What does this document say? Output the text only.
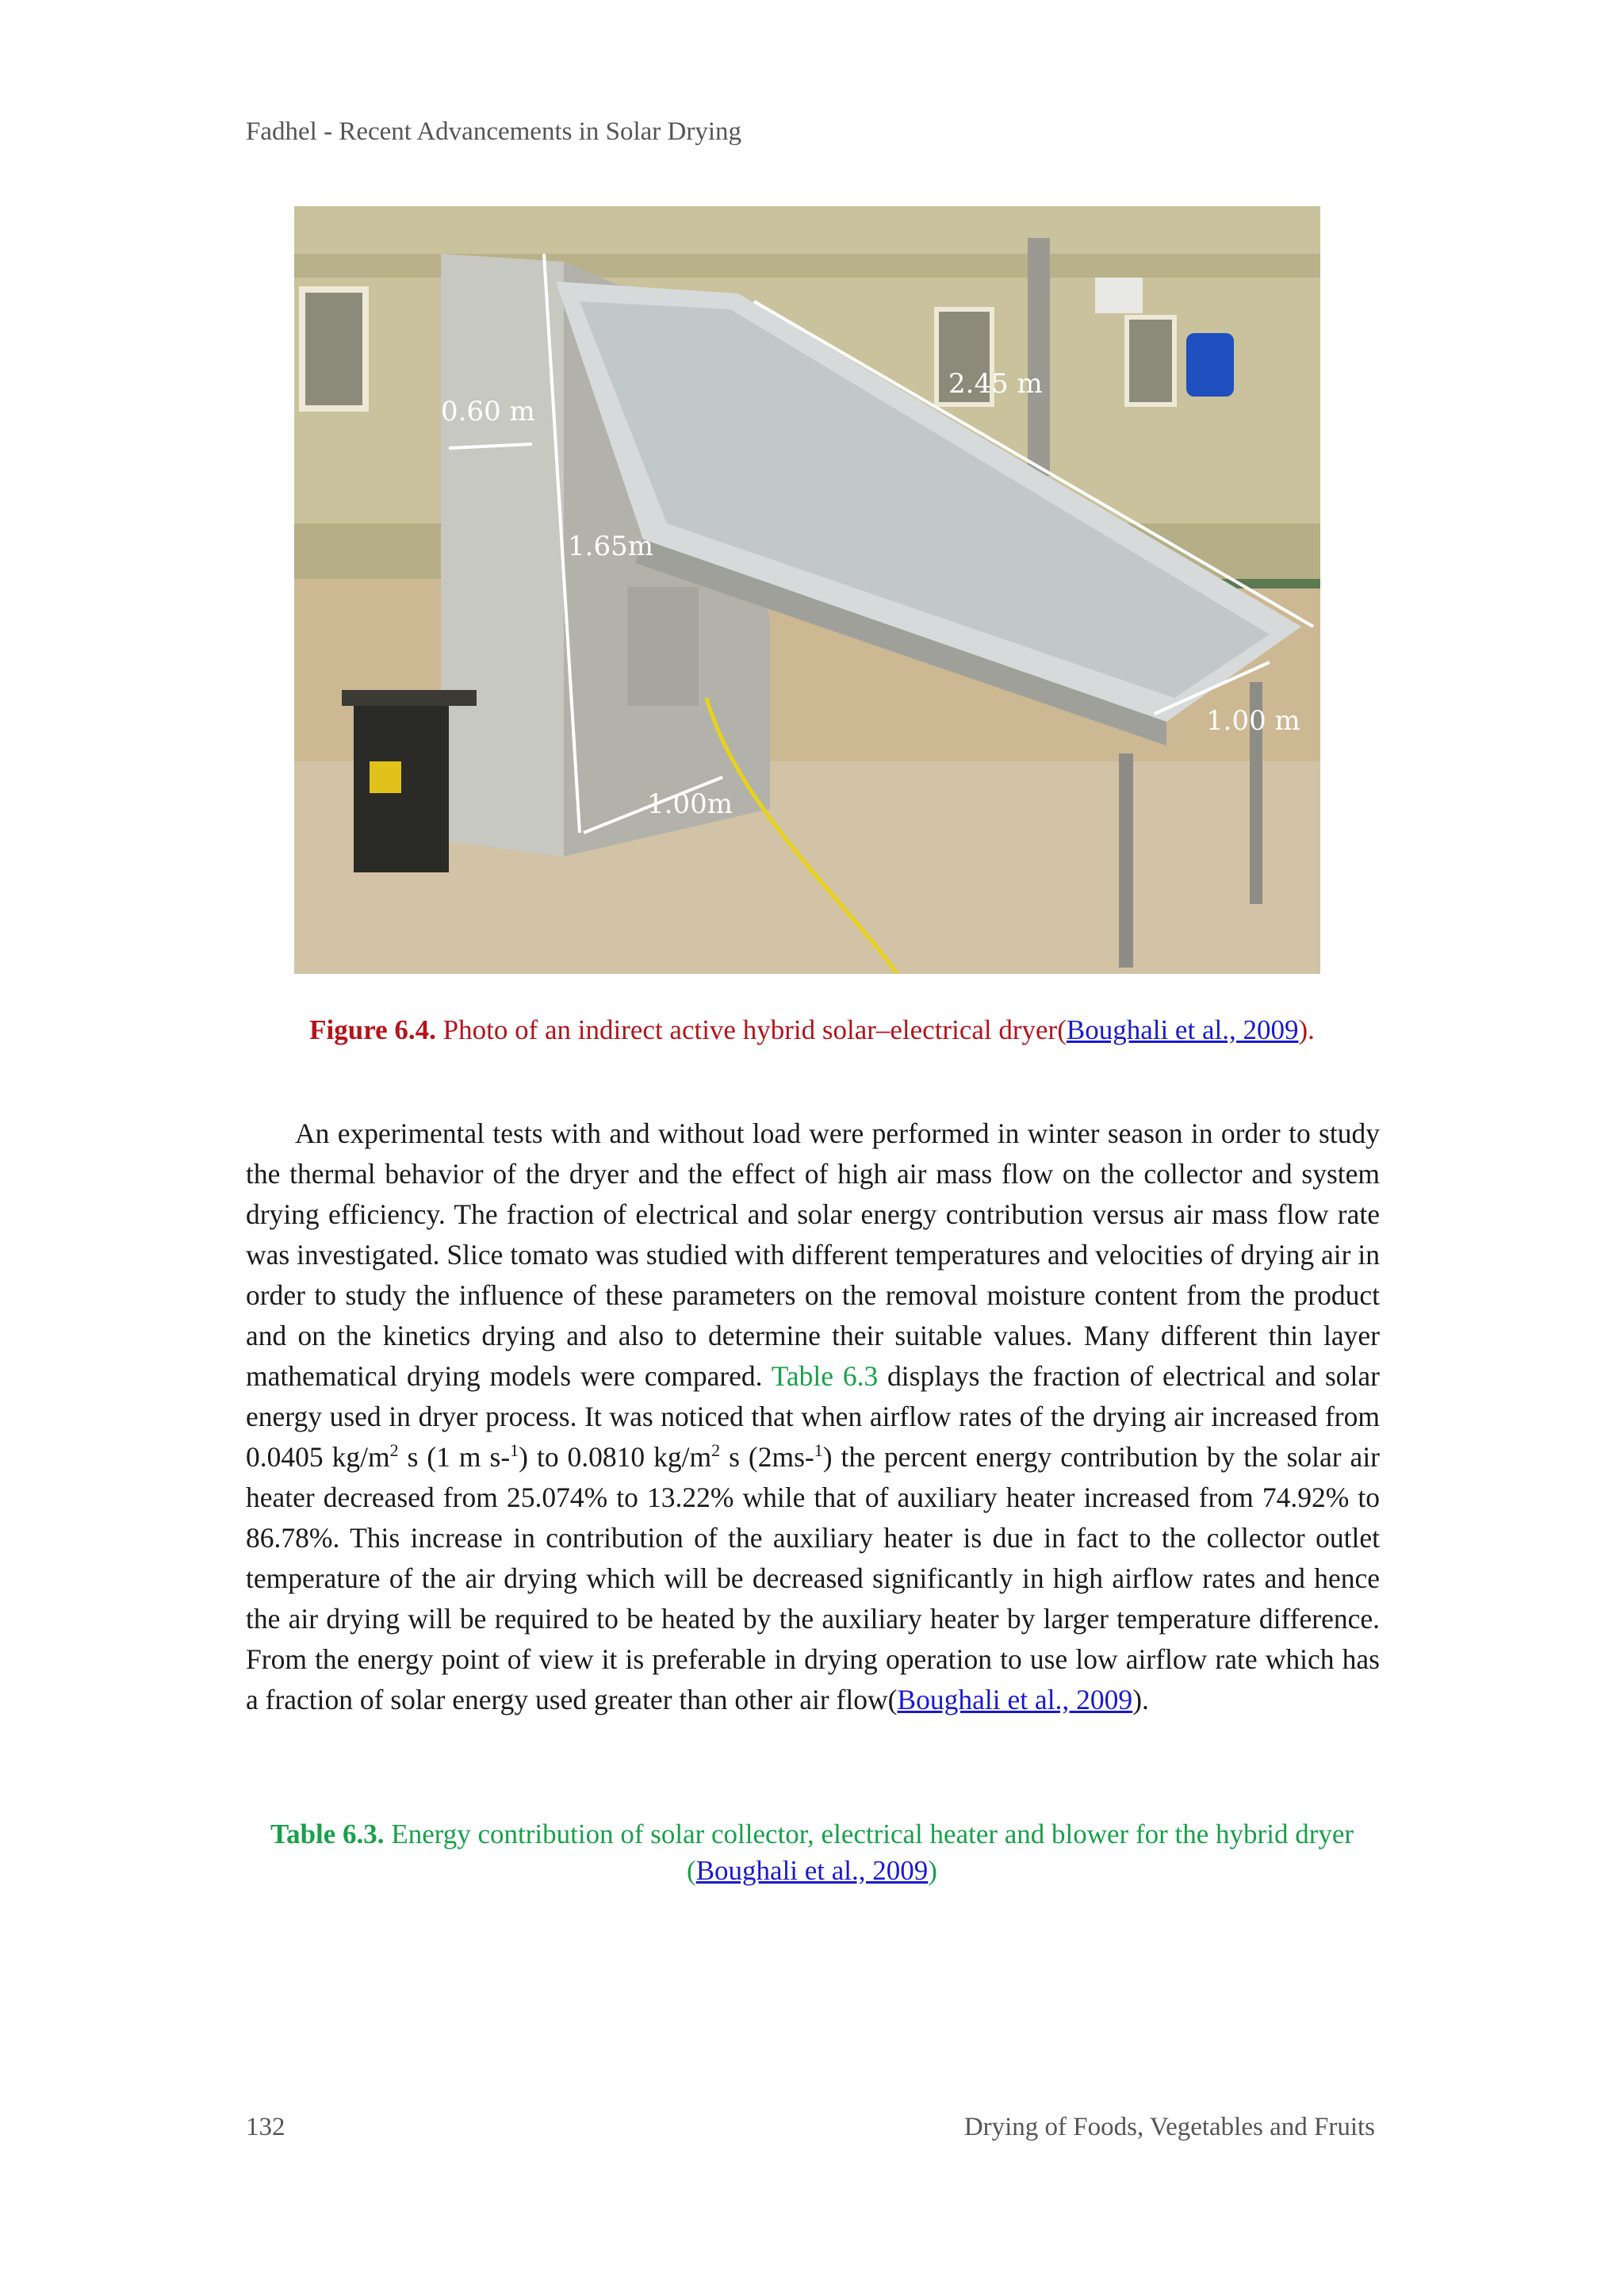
Fadhel - Recent Advancements in Solar Drying
0.60 m
1.65m
2.45 m
1.00m
1.00 m
Figure 6.4. Photo of an indirect active hybrid solar–electrical dryer(Boughali et al., 2009).

An experimental tests with and without load were performed in winter season in order to study the thermal behavior of the dryer and the effect of high air mass flow on the collector and system drying efficiency. The fraction of electrical and solar energy contribution versus air mass flow rate was investigated. Slice tomato was studied with different temperatures and velocities of drying air in order to study the influence of these parameters on the removal moisture content from the product and on the kinetics drying and also to determine their suitable values. Many different thin layer mathematical drying models were compared. Table 6.3 displays the fraction of electrical and solar energy used in dryer process. It was noticed that when airflow rates of the drying air increased from 0.0405 $kg/m^2$ s (1 m s-$^1$) to 0.0810 $kg/m^2$ s (2ms-$^1$) the percent energy contribution by the solar air heater decreased from 25.074% to 13.22% while that of auxiliary heater increased from 74.92% to 86.78%. This increase in contribution of the auxiliary heater is due in fact to the collector outlet temperature of the air drying which will be decreased significantly in high airflow rates and hence the air drying will be required to be heated by the auxiliary heater by larger temperature difference. From the energy point of view it is preferable in drying operation to use low airflow rate which has a fraction of solar energy used greater than other air flow(Boughali et al., 2009).

Table 6.3. Energy contribution of solar collector, electrical heater and blower for the hybrid dryer (Boughali et al., 2009)
132	Drying of Foods, Vegetables and Fruits
